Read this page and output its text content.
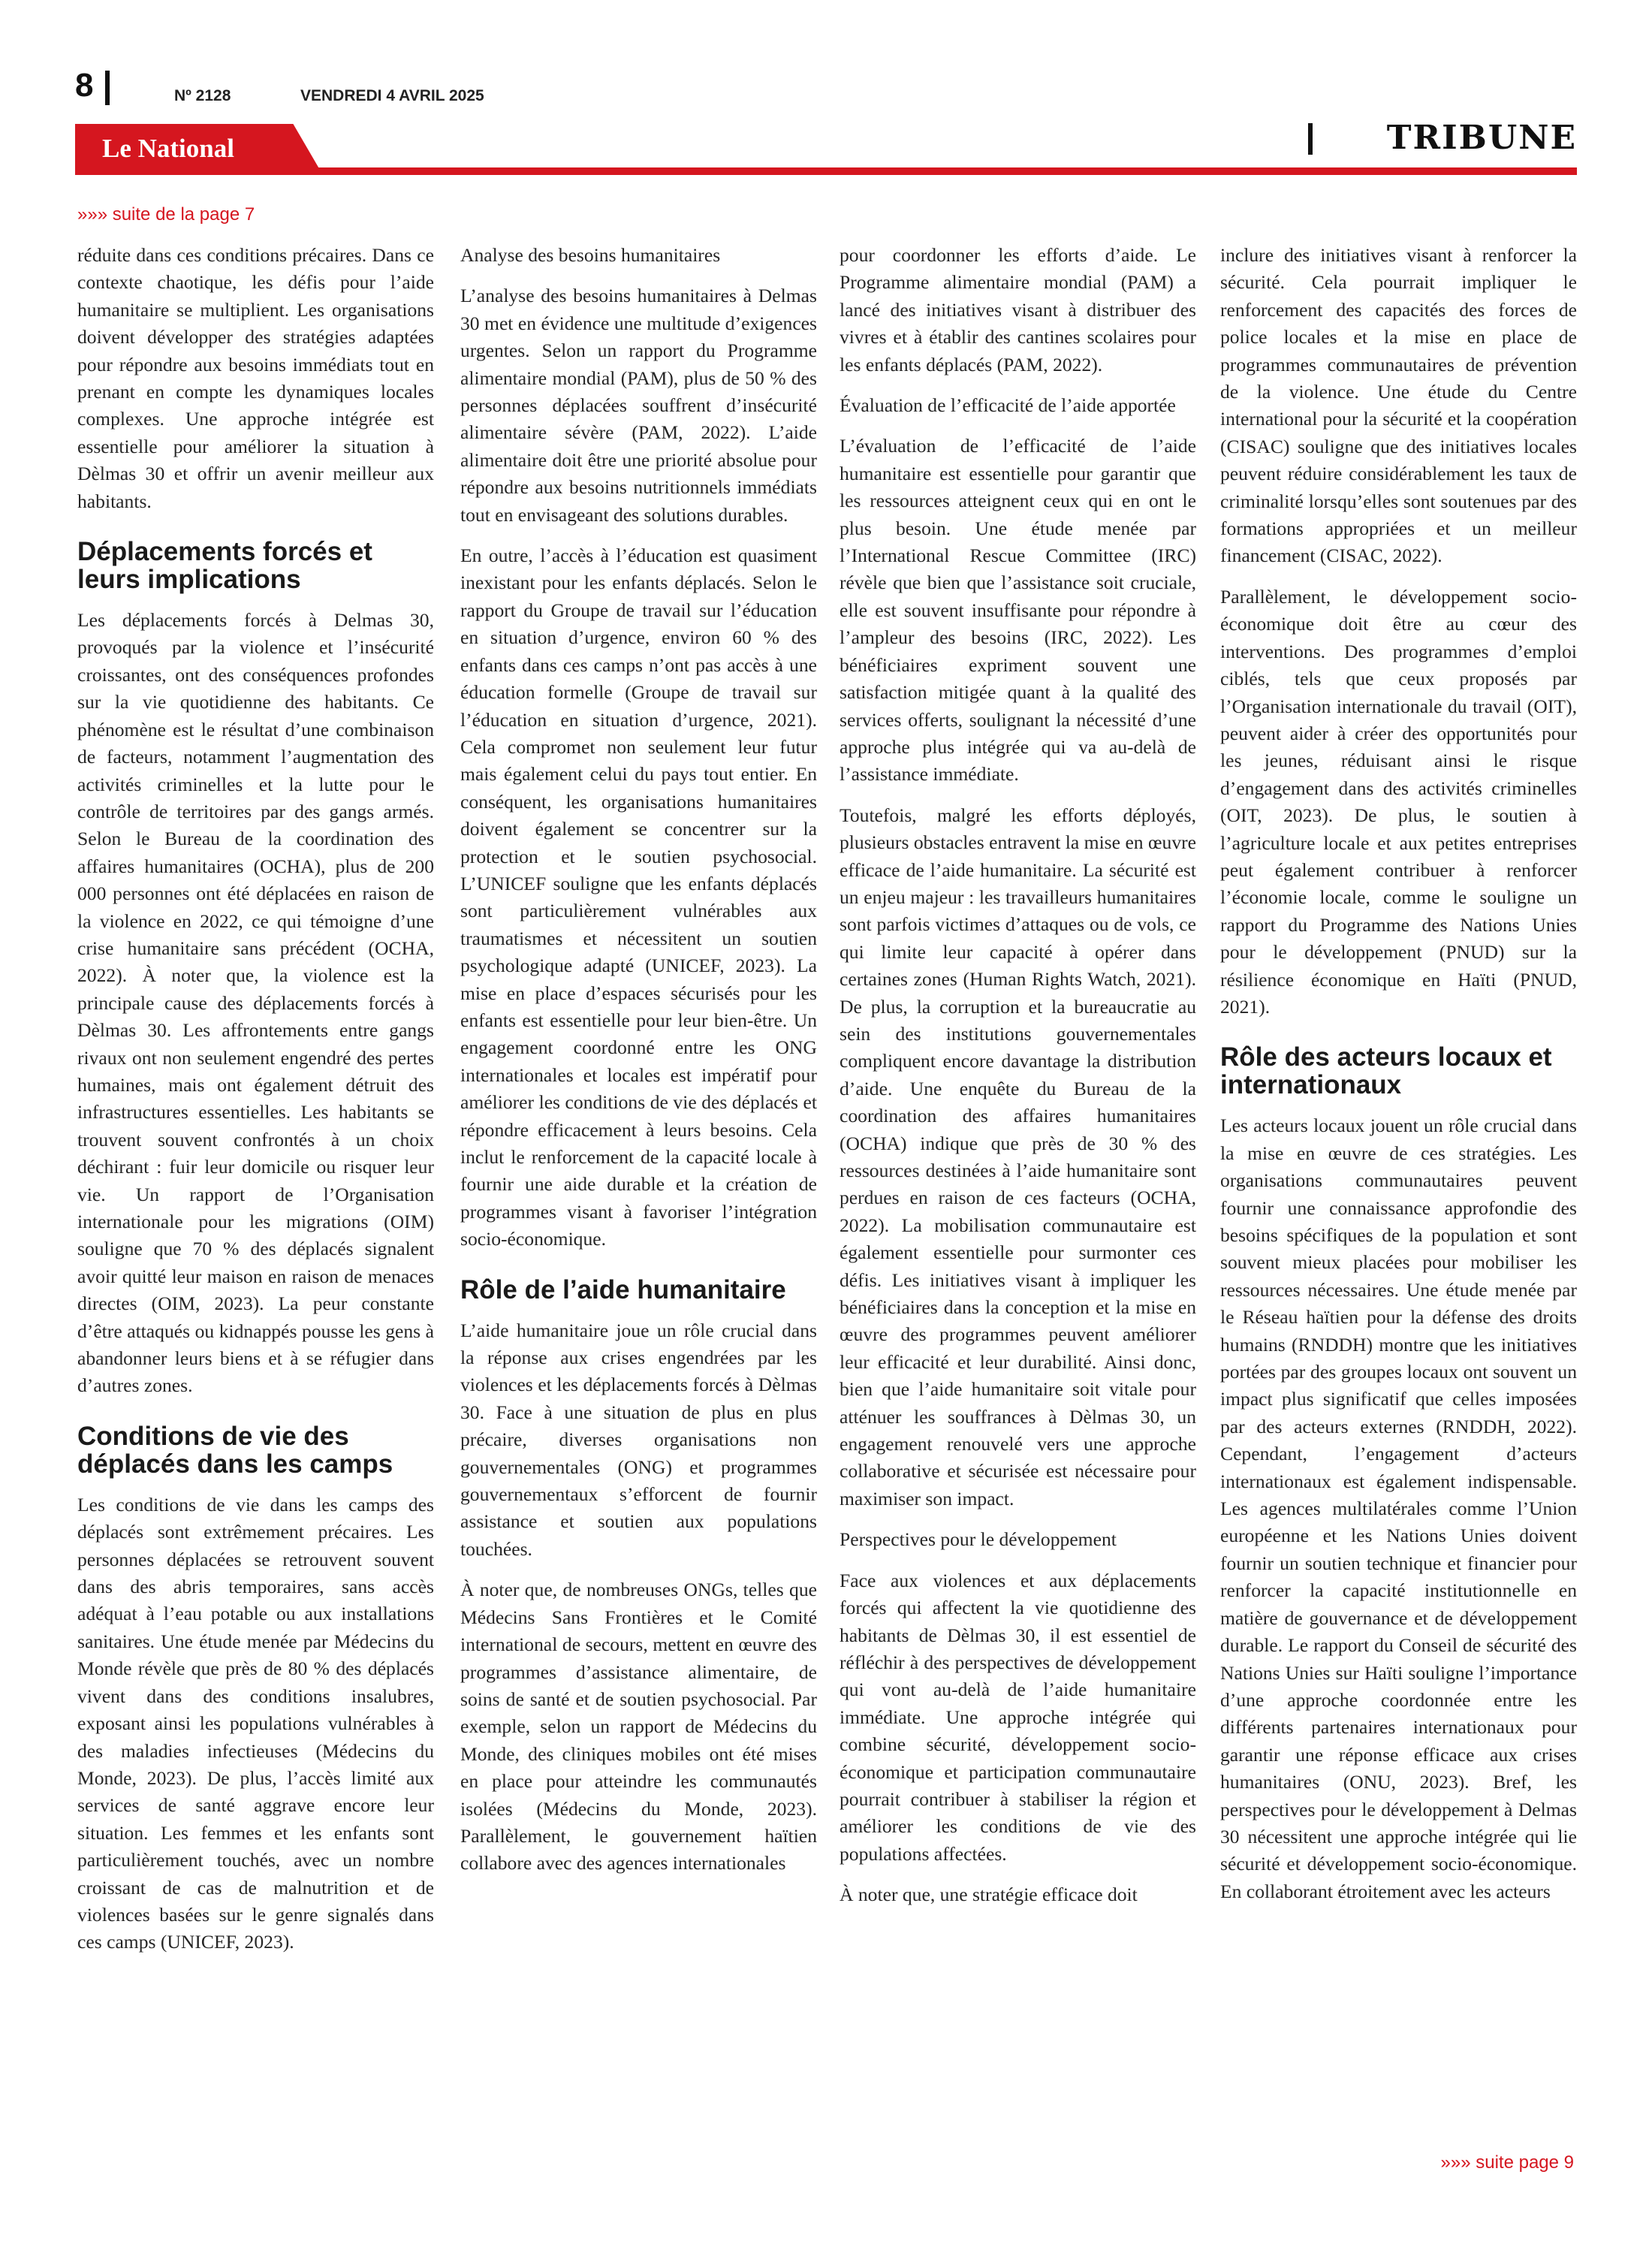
8	Nº 2128	VENDREDI 4 AVRIL 2025
Le National	TRIBUNE
»»» suite de la page 7

réduite dans ces conditions précaires. Dans ce contexte chaotique, les défis pour l’aide humanitaire se multiplient. Les organisations doivent développer des stratégies adaptées pour répondre aux besoins immédiats tout en prenant en compte les dynamiques locales complexes. Une approche intégrée est essentielle pour améliorer la situation à Dèlmas 30 et offrir un avenir meilleur aux habitants.

Déplacements forcés et leurs implications

Les déplacements forcés à Delmas 30, provoqués par la violence et l’insécurité croissantes, ont des conséquences profondes sur la vie quotidienne des habitants. Ce phénomène est le résultat d’une combinaison de facteurs, notamment l’augmentation des activités criminelles et la lutte pour le contrôle de territoires par des gangs armés. Selon le Bureau de la coordination des affaires humanitaires (OCHA), plus de 200 000 personnes ont été déplacées en raison de la violence en 2022, ce qui témoigne d’une crise humanitaire sans précédent (OCHA, 2022). À noter que, la violence est la principale cause des déplacements forcés à Dèlmas 30. Les affrontements entre gangs rivaux ont non seulement engendré des pertes humaines, mais ont également détruit des infrastructures essentielles. Les habitants se trouvent souvent confrontés à un choix déchirant : fuir leur domicile ou risquer leur vie. Un rapport de l’Organisation internationale pour les migrations (OIM) souligne que 70 % des déplacés signalent avoir quitté leur maison en raison de menaces directes (OIM, 2023). La peur constante d’être attaqués ou kidnappés pousse les gens à abandonner leurs biens et à se réfugier dans d’autres zones.

Conditions de vie des déplacés dans les camps

Les conditions de vie dans les camps des déplacés sont extrêmement précaires. Les personnes déplacées se retrouvent souvent dans des abris temporaires, sans accès adéquat à l’eau potable ou aux installations sanitaires. Une étude menée par Médecins du Monde révèle que près de 80 % des déplacés vivent dans des conditions insalubres, exposant ainsi les populations vulnérables à des maladies infectieuses (Médecins du Monde, 2023). De plus, l’accès limité aux services de santé aggrave encore leur situation. Les femmes et les enfants sont particulièrement touchés, avec un nombre croissant de cas de malnutrition et de violences basées sur le genre signalés dans ces camps (UNICEF, 2023).

Analyse des besoins humanitaires

L’analyse des besoins humanitaires à Delmas 30 met en évidence une multitude d’exigences urgentes. Selon un rapport du Programme alimentaire mondial (PAM), plus de 50 % des personnes déplacées souffrent d’insécurité alimentaire sévère (PAM, 2022). L’aide alimentaire doit être une priorité absolue pour répondre aux besoins nutritionnels immédiats tout en envisageant des solutions durables.

En outre, l’accès à l’éducation est quasiment inexistant pour les enfants déplacés. Selon le rapport du Groupe de travail sur l’éducation en situation d’urgence, environ 60 % des enfants dans ces camps n’ont pas accès à une éducation formelle (Groupe de travail sur l’éducation en situation d’urgence, 2021). Cela compromet non seulement leur futur mais également celui du pays tout entier. En conséquent, les organisations humanitaires doivent également se concentrer sur la protection et le soutien psychosocial. L’UNICEF souligne que les enfants déplacés sont particulièrement vulnérables aux traumatismes et nécessitent un soutien psychologique adapté (UNICEF, 2023). La mise en place d’espaces sécurisés pour les enfants est essentielle pour leur bien-être. Un engagement coordonné entre les ONG internationales et locales est impératif pour améliorer les conditions de vie des déplacés et répondre efficacement à leurs besoins. Cela inclut le renforcement de la capacité locale à fournir une aide durable et la création de programmes visant à favoriser l’intégration socio-économique.

Rôle de l’aide humanitaire

L’aide humanitaire joue un rôle crucial dans la réponse aux crises engendrées par les violences et les déplacements forcés à Dèlmas 30. Face à une situation de plus en plus précaire, diverses organisations non gouvernementales (ONG) et programmes gouvernementaux s’efforcent de fournir assistance et soutien aux populations touchées.

À noter que, de nombreuses ONGs, telles que Médecins Sans Frontières et le Comité international de secours, mettent en œuvre des programmes d’assistance alimentaire, de soins de santé et de soutien psychosocial. Par exemple, selon un rapport de Médecins du Monde, des cliniques mobiles ont été mises en place pour atteindre les communautés isolées (Médecins du Monde, 2023). Parallèlement, le gouvernement haïtien collabore avec des agences internationales

pour coordonner les efforts d’aide. Le Programme alimentaire mondial (PAM) a lancé des initiatives visant à distribuer des vivres et à établir des cantines scolaires pour les enfants déplacés (PAM, 2022).

Évaluation de l’efficacité de l’aide apportée

L’évaluation de l’efficacité de l’aide humanitaire est essentielle pour garantir que les ressources atteignent ceux qui en ont le plus besoin. Une étude menée par l’International Rescue Committee (IRC) révèle que bien que l’assistance soit cruciale, elle est souvent insuffisante pour répondre à l’ampleur des besoins (IRC, 2022). Les bénéficiaires expriment souvent une satisfaction mitigée quant à la qualité des services offerts, soulignant la nécessité d’une approche plus intégrée qui va au-delà de l’assistance immédiate.

Toutefois, malgré les efforts déployés, plusieurs obstacles entravent la mise en œuvre efficace de l’aide humanitaire. La sécurité est un enjeu majeur : les travailleurs humanitaires sont parfois victimes d’attaques ou de vols, ce qui limite leur capacité à opérer dans certaines zones (Human Rights Watch, 2021). De plus, la corruption et la bureaucratie au sein des institutions gouvernementales compliquent encore davantage la distribution d’aide. Une enquête du Bureau de la coordination des affaires humanitaires (OCHA) indique que près de 30 % des ressources destinées à l’aide humanitaire sont perdues en raison de ces facteurs (OCHA, 2022). La mobilisation communautaire est également essentielle pour surmonter ces défis. Les initiatives visant à impliquer les bénéficiaires dans la conception et la mise en œuvre des programmes peuvent améliorer leur efficacité et leur durabilité. Ainsi donc, bien que l’aide humanitaire soit vitale pour atténuer les souffrances à Dèlmas 30, un engagement renouvelé vers une approche collaborative et sécurisée est nécessaire pour maximiser son impact.

Perspectives pour le développement

Face aux violences et aux déplacements forcés qui affectent la vie quotidienne des habitants de Dèlmas 30, il est essentiel de réfléchir à des perspectives de développement qui vont au-delà de l’aide humanitaire immédiate. Une approche intégrée qui combine sécurité, développement socio-économique et participation communautaire pourrait contribuer à stabiliser la région et améliorer les conditions de vie des populations affectées.

À noter que, une stratégie efficace doit

inclure des initiatives visant à renforcer la sécurité. Cela pourrait impliquer le renforcement des capacités des forces de police locales et la mise en place de programmes communautaires de prévention de la violence. Une étude du Centre international pour la sécurité et la coopération (CISAC) souligne que des initiatives locales peuvent réduire considérablement les taux de criminalité lorsqu’elles sont soutenues par des formations appropriées et un meilleur financement (CISAC, 2022).

Parallèlement, le développement socio-économique doit être au cœur des interventions. Des programmes d’emploi ciblés, tels que ceux proposés par l’Organisation internationale du travail (OIT), peuvent aider à créer des opportunités pour les jeunes, réduisant ainsi le risque d’engagement dans des activités criminelles (OIT, 2023). De plus, le soutien à l’agriculture locale et aux petites entreprises peut également contribuer à renforcer l’économie locale, comme le souligne un rapport du Programme des Nations Unies pour le développement (PNUD) sur la résilience économique en Haïti (PNUD, 2021).

Rôle des acteurs locaux et internationaux

Les acteurs locaux jouent un rôle crucial dans la mise en œuvre de ces stratégies. Les organisations communautaires peuvent fournir une connaissance approfondie des besoins spécifiques de la population et sont souvent mieux placées pour mobiliser les ressources nécessaires. Une étude menée par le Réseau haïtien pour la défense des droits humains (RNDDH) montre que les initiatives portées par des groupes locaux ont souvent un impact plus significatif que celles imposées par des acteurs externes (RNDDH, 2022). Cependant, l’engagement d’acteurs internationaux est également indispensable. Les agences multilatérales comme l’Union européenne et les Nations Unies doivent fournir un soutien technique et financier pour renforcer la capacité institutionnelle en matière de gouvernance et de développement durable. Le rapport du Conseil de sécurité des Nations Unies sur Haïti souligne l’importance d’une approche coordonnée entre les différents partenaires internationaux pour garantir une réponse efficace aux crises humanitaires (ONU, 2023). Bref, les perspectives pour le développement à Delmas 30 nécessitent une approche intégrée qui lie sécurité et développement socio-économique. En collaborant étroitement avec les acteurs

»»» suite page 9
